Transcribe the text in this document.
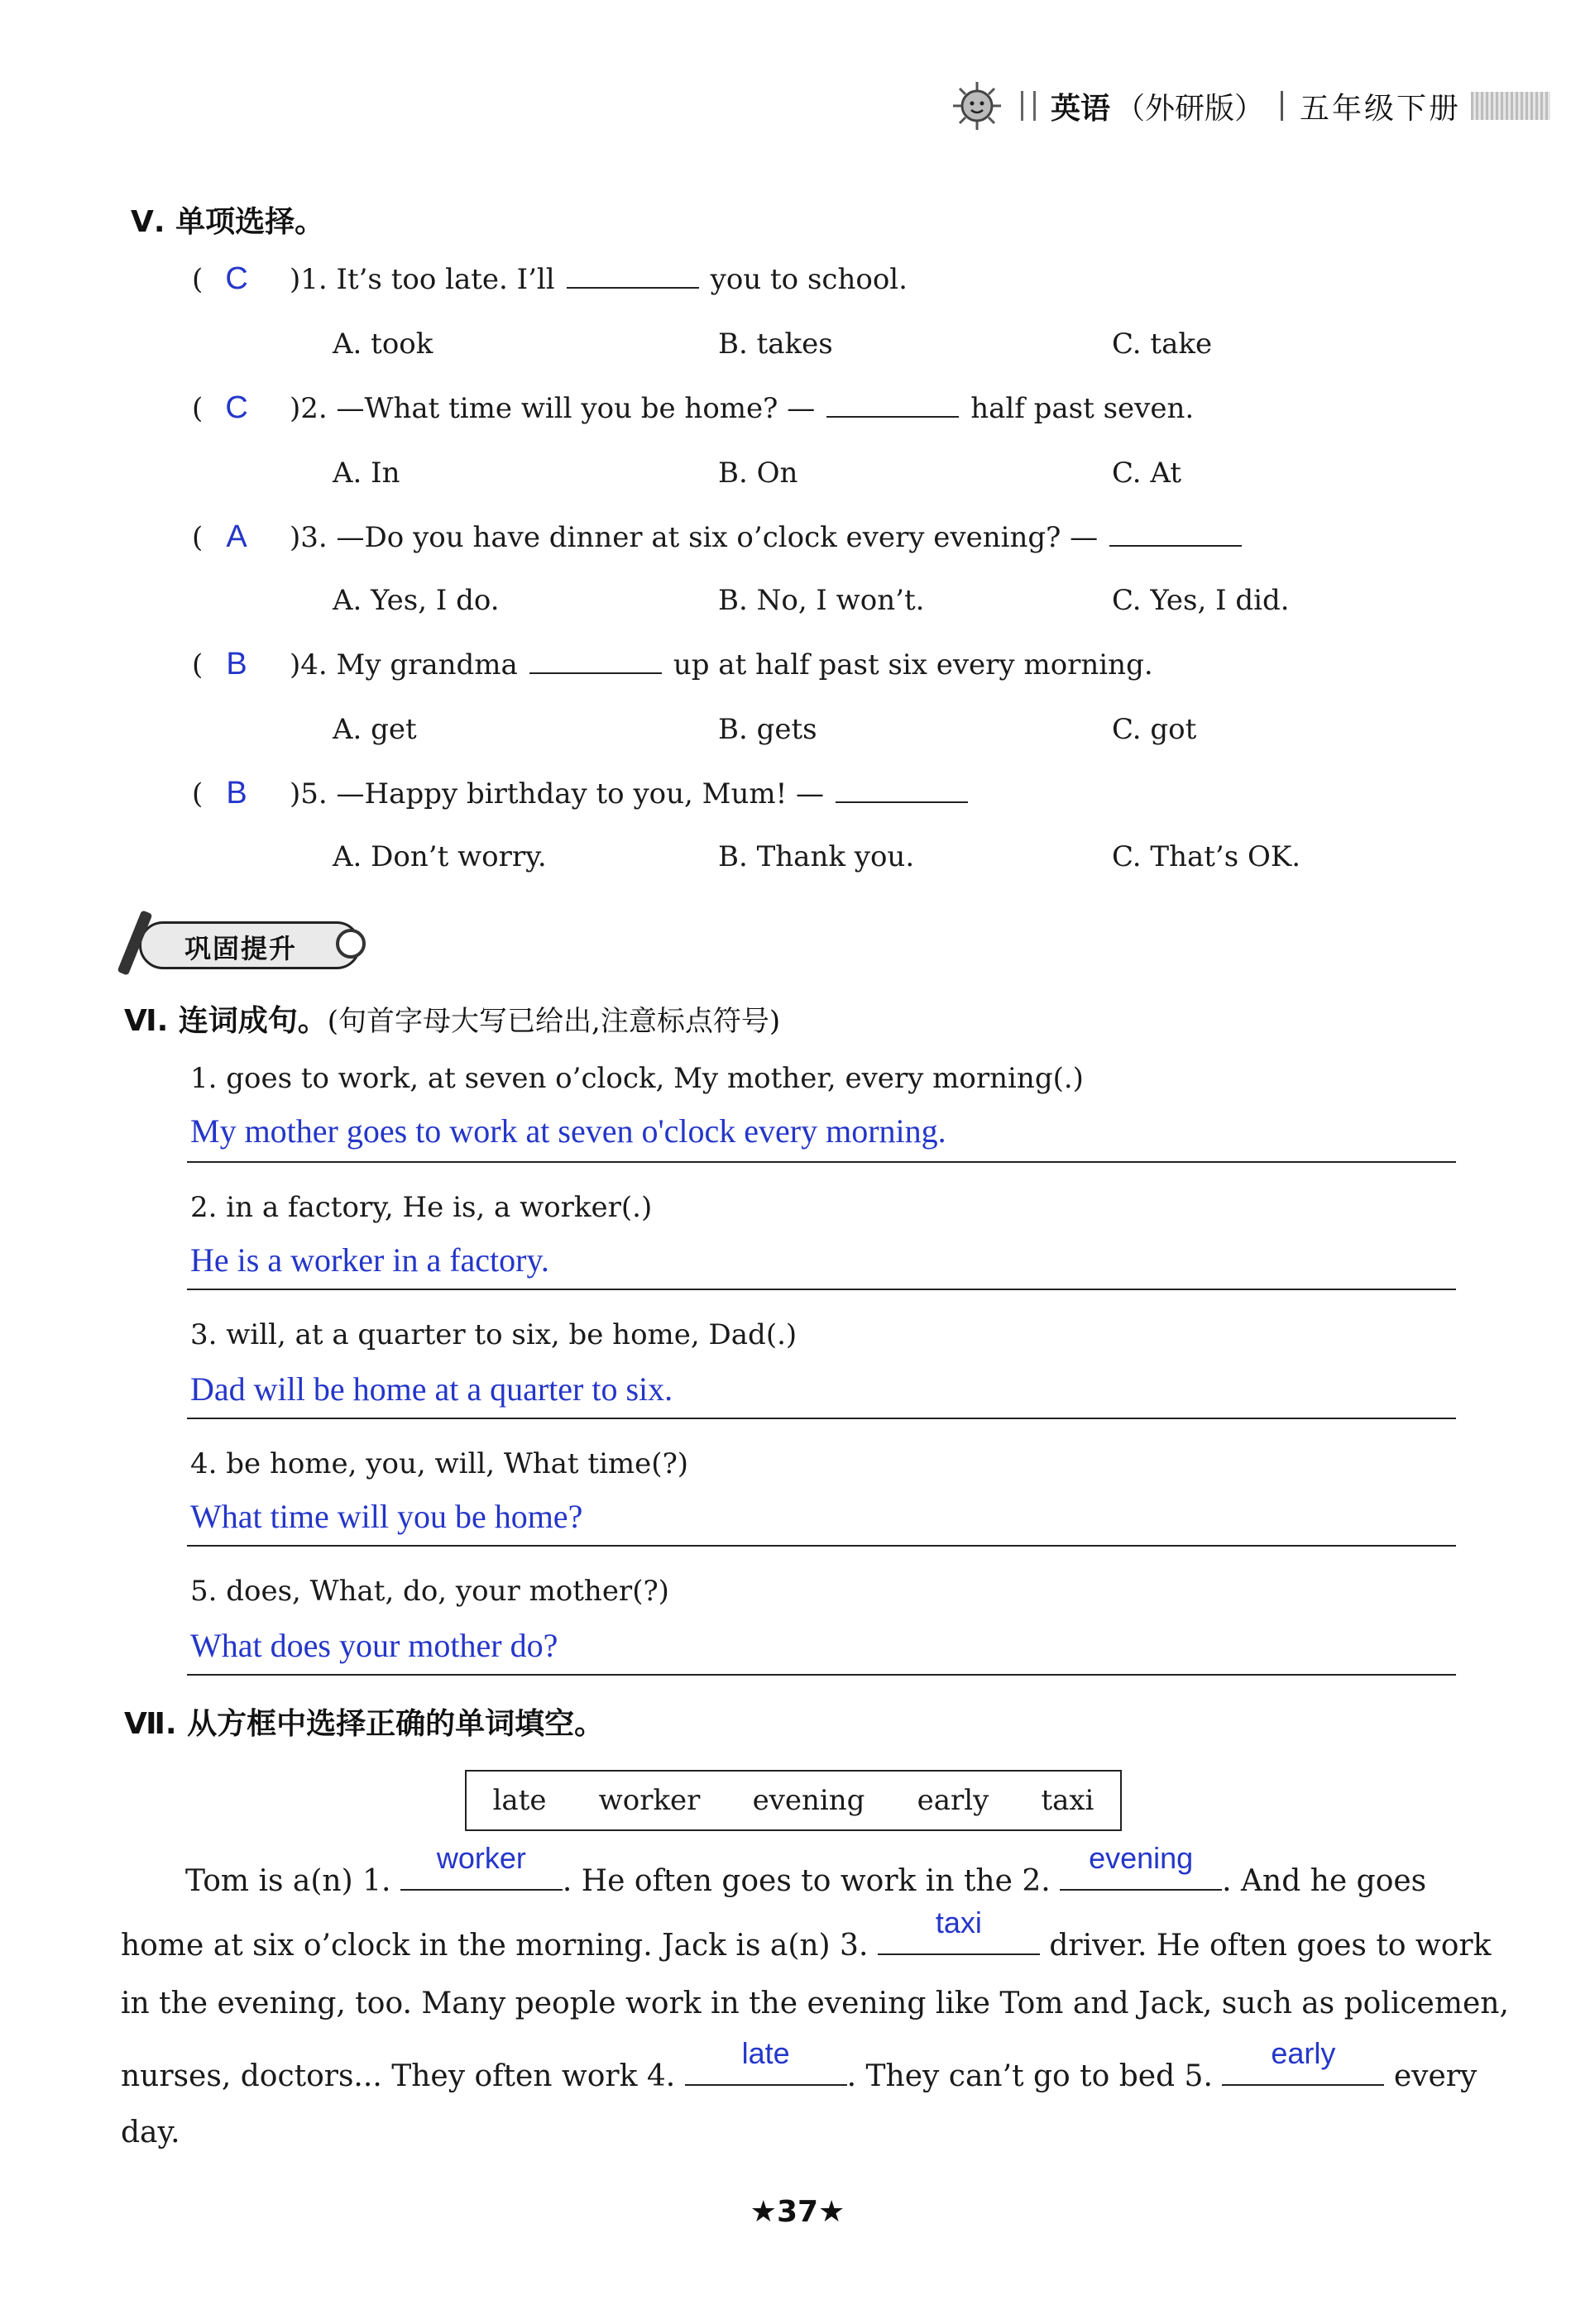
英语 （外研版） 五年级下册
Ⅴ. 单项选择。
( C )1. It’s too late. I’ll	you to school.
A. took	B. takes	C. take
( C )2. —What time will you be home? —	half past seven.
A. In	B. On	C. At
( A )3. —Do you have dinner at six o’clock every evening? —
A. Yes, I do.	B. No, I won’t.	C. Yes, I did.
( B )4. My grandma	up at half past six every morning.
A. get	B. gets	C. got
( B )5. —Happy birthday to you, Mum! —
A. Don’t worry.	B. Thank you.	C. That’s OK.
巩固提升
Ⅵ. 连词成句。(句首字母大写已给出,注意标点符号)
1. goes to work, at seven o’clock, My mother, every morning(.)
My mother goes to work at seven o'clock every morning.
2. in a factory, He is, a worker(.)
He is a worker in a factory.
3. will, at a quarter to six, be home, Dad(.)
Dad will be home at a quarter to six.
4. be home, you, will, What time(?)
What time will you be home?
5. does, What, do, your mother(?)
What does your mother do?
Ⅶ. 从方框中选择正确的单词填空。
late worker evening early taxi
Tom is a(n) 1.
worker
. He often goes to work in the 2.
evening
. And he goes
home at six o’clock in the morning. Jack is a(n) 3.
taxi
driver. He often goes to work
in the evening, too. Many people work in the evening like Tom and Jack, such as policemen,
nurses, doctors... They often work 4.
late
. They can’t go to bed 5.
early
every
day.
★37★
